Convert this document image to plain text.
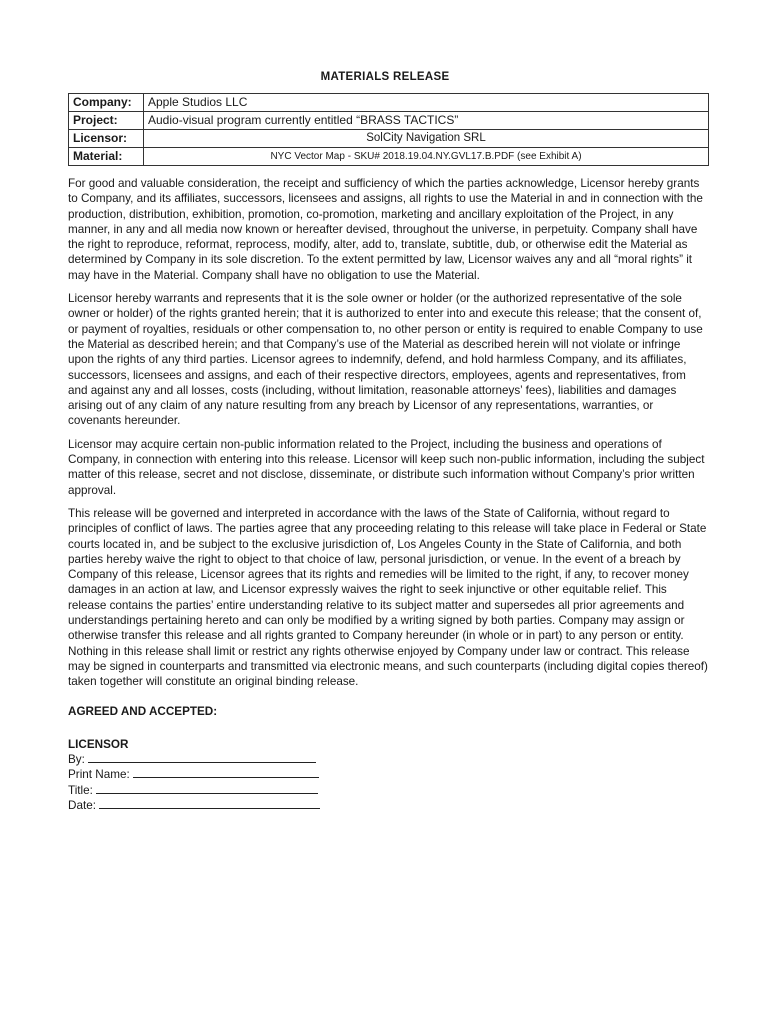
MATERIALS RELEASE
Company:	Apple Studios LLC
Project:	Audio-visual program currently entitled “BRASS TACTICS”
Licensor:	SolCity Navigation SRL
Material:	NYC Vector Map - SKU# 2018.19.04.NY.GVL17.B.PDF (see Exhibit A)

For good and valuable consideration, the receipt and sufficiency of which the parties acknowledge, Licensor hereby grants to Company, and its affiliates, successors, licensees and assigns, all rights to use the Material in and in connection with the production, distribution, exhibition, promotion, co-promotion, marketing and ancillary exploitation of the Project, in any manner, in any and all media now known or hereafter devised, throughout the universe, in perpetuity. Company shall have the right to reproduce, reformat, reprocess, modify, alter, add to, translate, subtitle, dub, or otherwise edit the Material as determined by Company in its sole discretion. To the extent permitted by law, Licensor waives any and all “moral rights” it may have in the Material. Company shall have no obligation to use the Material.

Licensor hereby warrants and represents that it is the sole owner or holder (or the authorized representative of the sole owner or holder) of the rights granted herein; that it is authorized to enter into and execute this release; that the consent of, or payment of royalties, residuals or other compensation to, no other person or entity is required to enable Company to use the Material as described herein; and that Company’s use of the Material as described herein will not violate or infringe upon the rights of any third parties. Licensor agrees to indemnify, defend, and hold harmless Company, and its affiliates, successors, licensees and assigns, and each of their respective directors, employees, agents and representatives, from and against any and all losses, costs (including, without limitation, reasonable attorneys’ fees), liabilities and damages arising out of any claim of any nature resulting from any breach by Licensor of any representations, warranties, or covenants hereunder.

Licensor may acquire certain non-public information related to the Project, including the business and operations of Company, in connection with entering into this release. Licensor will keep such non-public information, including the subject matter of this release, secret and not disclose, disseminate, or distribute such information without Company’s prior written approval.

This release will be governed and interpreted in accordance with the laws of the State of California, without regard to principles of conflict of laws. The parties agree that any proceeding relating to this release will take place in Federal or State courts located in, and be subject to the exclusive jurisdiction of, Los Angeles County in the State of California, and both parties hereby waive the right to object to that choice of law, personal jurisdiction, or venue. In the event of a breach by Company of this release, Licensor agrees that its rights and remedies will be limited to the right, if any, to recover money damages in an action at law, and Licensor expressly waives the right to seek injunctive or other equitable relief. This release contains the parties’ entire understanding relative to its subject matter and supersedes all prior agreements and understandings pertaining hereto and can only be modified by a writing signed by both parties. Company may assign or otherwise transfer this release and all rights granted to Company hereunder (in whole or in part) to any person or entity. Nothing in this release shall limit or restrict any rights otherwise enjoyed by Company under law or contract. This release may be signed in counterparts and transmitted via electronic means, and such counterparts (including digital copies thereof) taken together will constitute an original binding release.

AGREED AND ACCEPTED:
LICENSOR
By:
Print Name:
Title:
Date:
